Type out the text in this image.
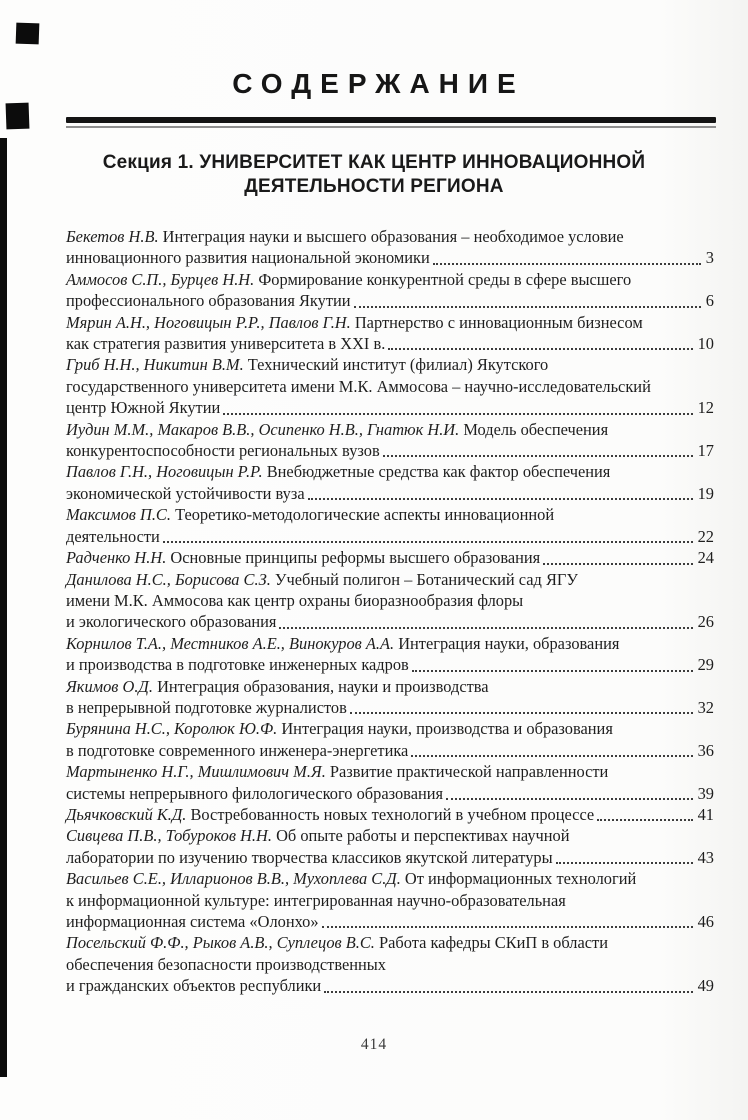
СОДЕРЖАНИЕ
Секция 1. УНИВЕРСИТЕТ КАК ЦЕНТР ИННОВАЦИОННОЙ
ДЕЯТЕЛЬНОСТИ РЕГИОНА
Бекетов Н.В. Интеграция науки и высшего образования – необходимое условие
инновационного развития национальной экономики	3
Аммосов С.П., Бурцев Н.Н. Формирование конкурентной среды в сфере высшего
профессионального образования Якутии	6
Мярин А.Н., Ноговицын Р.Р., Павлов Г.Н. Партнерство с инновационным бизнесом
как стратегия развития университета в XXI в.	10
Гриб Н.Н., Никитин В.М. Технический институт (филиал) Якутского
государственного университета имени М.К. Аммосова – научно-исследовательский
центр Южной Якутии	12
Иудин М.М., Макаров В.В., Осипенко Н.В., Гнатюк Н.И. Модель обеспечения
конкурентоспособности региональных вузов	17
Павлов Г.Н., Ноговицын Р.Р. Внебюджетные средства как фактор обеспечения
экономической устойчивости вуза	19
Максимов П.С. Теоретико-методологические аспекты инновационной
деятельности	22
Радченко Н.Н. Основные принципы реформы высшего образования	24
Данилова Н.С., Борисова С.З. Учебный полигон – Ботанический сад ЯГУ
имени М.К. Аммосова как центр охраны биоразнообразия флоры
и экологического образования	26
Корнилов Т.А., Местников А.Е., Винокуров А.А. Интеграция науки, образования
и производства в подготовке инженерных кадров	29
Якимов О.Д. Интеграция образования, науки и производства
в непрерывной подготовке журналистов	32
Бурянина Н.С., Королюк Ю.Ф. Интеграция науки, производства и образования
в подготовке современного инженера-энергетика	36
Мартыненко Н.Г., Мишлимович М.Я. Развитие практической направленности
системы непрерывного филологического образования	39
Дьячковский К.Д. Востребованность новых технологий в учебном процессе	41
Сивцева П.В., Тобуроков Н.Н. Об опыте работы и перспективах научной
лаборатории по изучению творчества классиков якутской литературы	43
Васильев С.Е., Илларионов В.В., Мухоплева С.Д. От информационных технологий
к информационной культуре: интегрированная научно-образовательная
информационная система «Олонхо»	46
Посельский Ф.Ф., Рыков А.В., Суплецов В.С. Работа кафедры СКиП в области
обеспечения безопасности производственных
и гражданских объектов республики	49
414
